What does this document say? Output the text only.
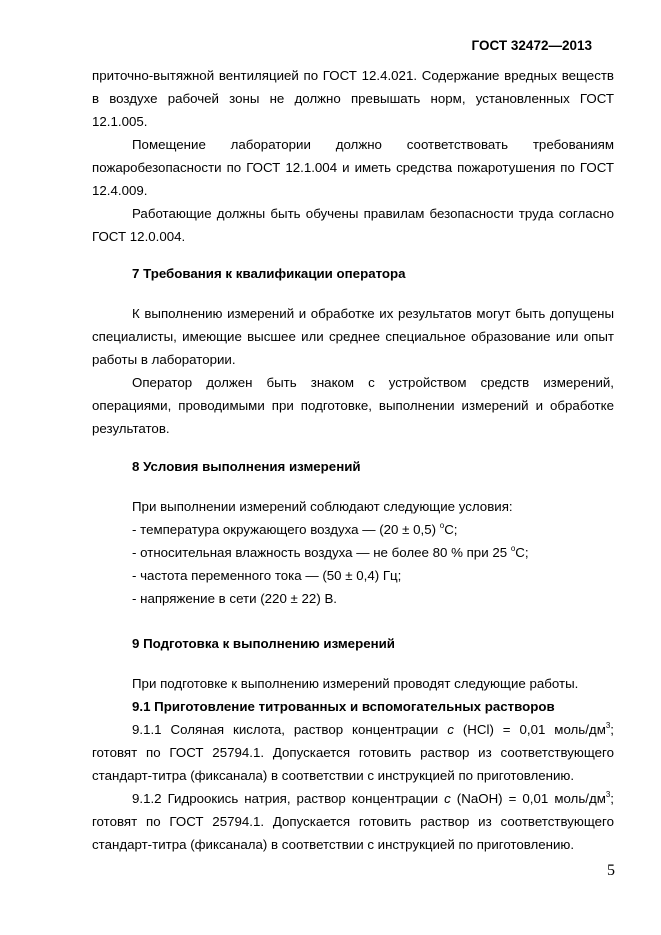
ГОСТ 32472—2013

приточно-вытяжной вентиляцией по ГОСТ 12.4.021. Содержание вредных веществ в воздухе рабочей зоны не должно превышать норм, установленных ГОСТ 12.1.005.

Помещение лаборатории должно соответствовать требованиям пожаробезопасности по ГОСТ 12.1.004 и иметь средства пожаротушения по ГОСТ 12.4.009.

Работающие должны быть обучены правилам безопасности труда согласно ГОСТ 12.0.004.

7 Требования к квалификации оператора

К выполнению измерений и обработке их результатов могут быть допущены специалисты, имеющие высшее или среднее специальное образование или опыт работы в лаборатории.

Оператор должен быть знаком с устройством средств измерений, операциями, проводимыми при подготовке, выполнении измерений и обработке результатов.

8 Условия выполнения измерений

При выполнении измерений соблюдают следующие условия:

- температура окружающего воздуха — (20 ± 0,5) $^о$C;

- относительная влажность воздуха — не более 80 % при 25 $^о$C;

- частота переменного тока — (50 ± 0,4) Гц;

- напряжение в сети (220 ± 22) В.

9 Подготовка к выполнению измерений

При подготовке к выполнению измерений проводят следующие работы.

9.1 Приготовление титрованных и вспомогательных растворов

9.1.1 Соляная кислота, раствор концентрации c (HCl) = 0,01 моль/$дм^3$; готовят по ГОСТ 25794.1. Допускается готовить раствор из соответствующего стандарт-титра (фиксанала) в соответствии с инструкцией по приготовлению.

9.1.2 Гидроокись натрия, раствор концентрации c (NaOH) = 0,01 моль/$дм^3$; готовят по ГОСТ 25794.1. Допускается готовить раствор из соответствующего стандарт-титра (фиксанала) в соответствии с инструкцией по приготовлению.

5
